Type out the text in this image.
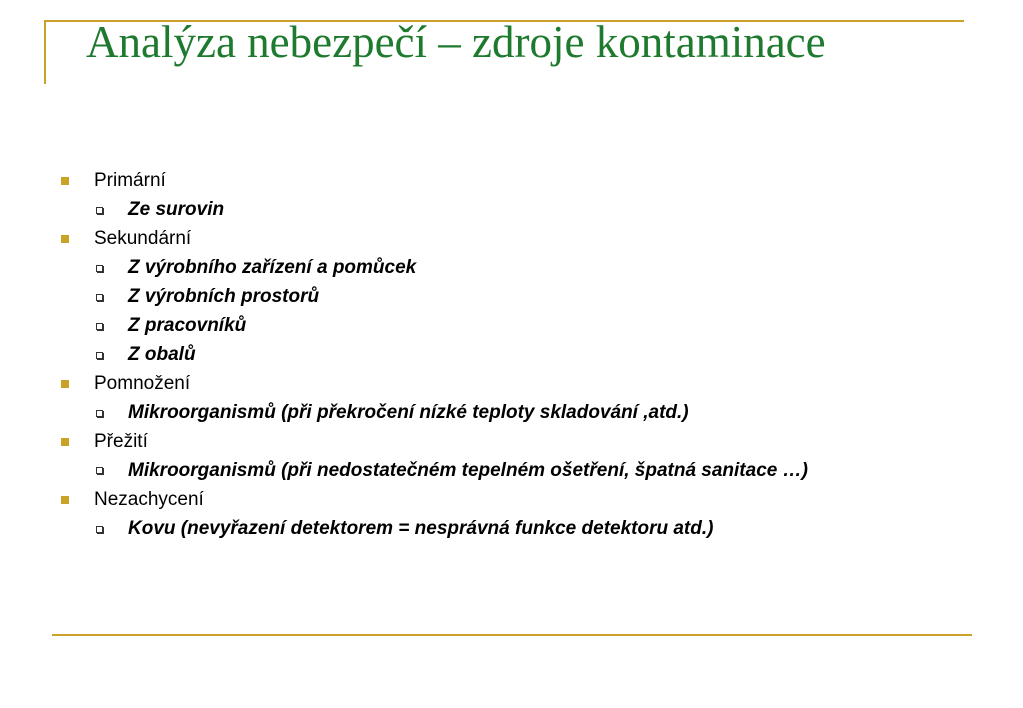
Analýza nebezpečí – zdroje kontaminace
Primární
Ze surovin
Sekundární
Z výrobního zařízení a pomůcek
Z výrobních prostorů
Z pracovníků
Z obalů
Pomnožení
Mikroorganismů (při překročení nízké teploty skladování ,atd.)
Přežití
Mikroorganismů (při nedostatečném tepelném ošetření, špatná sanitace …)
Nezachycení
Kovu (nevyřazení detektorem = nesprávná funkce detektoru atd.)
